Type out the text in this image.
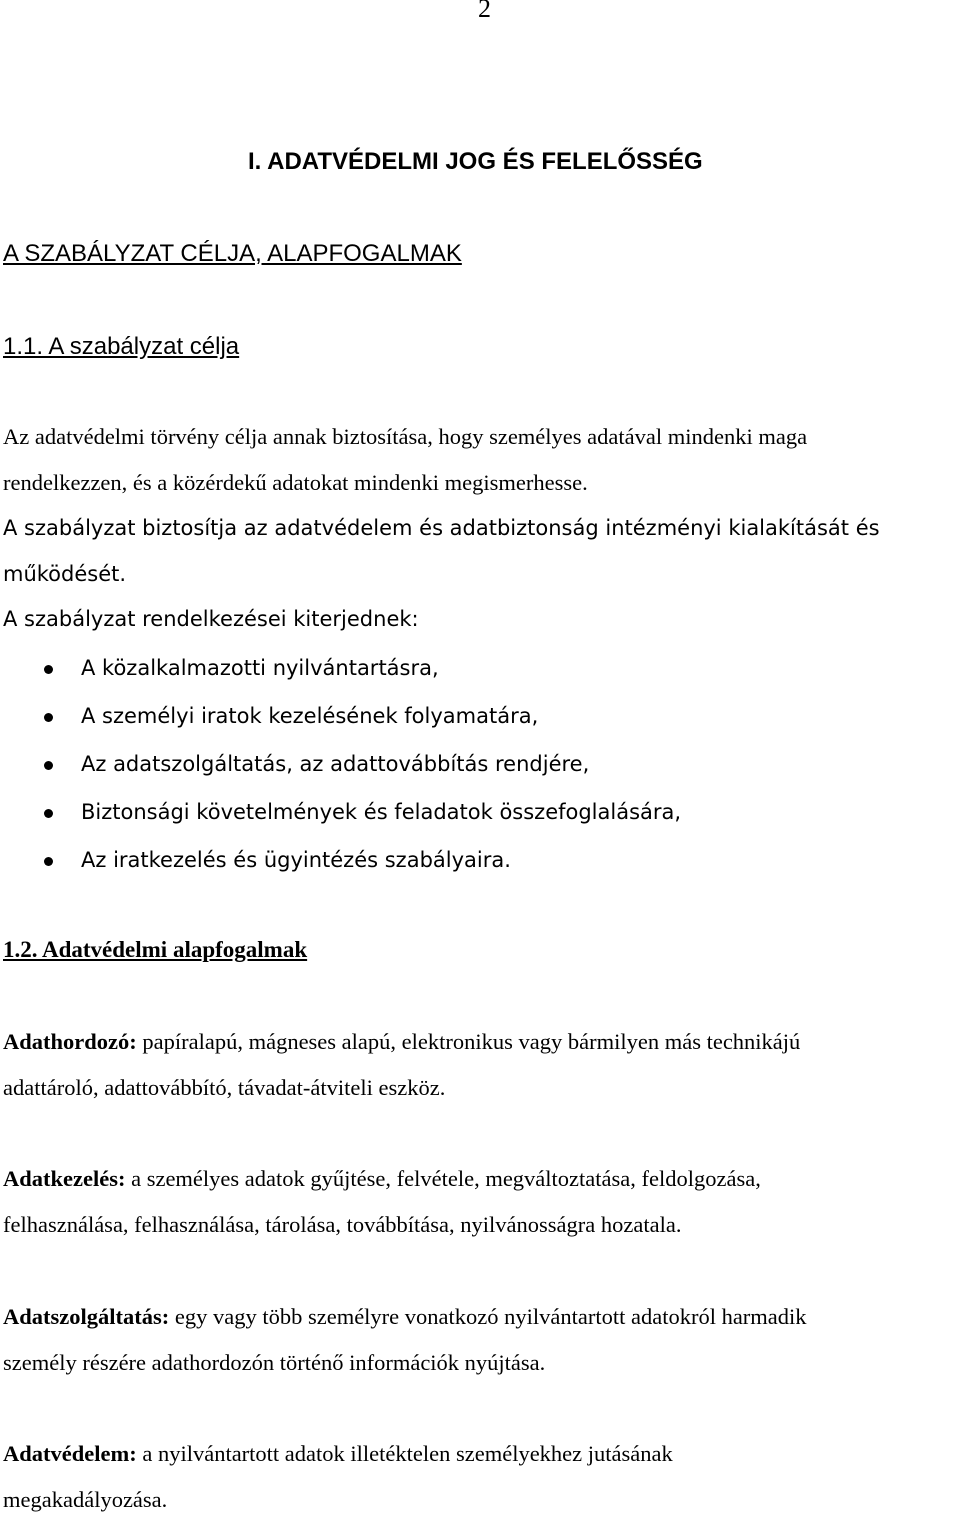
2
I. ADATVÉDELMI JOG ÉS FELELŐSSÉG
A SZABÁLYZAT CÉLJA, ALAPFOGALMAK
1.1. A szabályzat célja
Az adatvédelmi törvény célja annak biztosítása, hogy személyes adatával mindenki maga
rendelkezzen, és a közérdekű adatokat mindenki megismerhesse.
A szabályzat biztosítja az adatvédelem és adatbiztonság intézményi kialakítását és
működését.
A szabályzat rendelkezései kiterjednek:
A közalkalmazotti nyilvántartásra,
A személyi iratok kezelésének folyamatára,
Az adatszolgáltatás, az adattovábbítás rendjére,
Biztonsági követelmények és feladatok összefoglalására,
Az iratkezelés és ügyintézés szabályaira.
1.2. Adatvédelmi alapfogalmak
Adathordozó: papíralapú, mágneses alapú, elektronikus vagy bármilyen más technikájú
adattároló, adattovábbító, távadat-átviteli eszköz.
Adatkezelés: a személyes adatok gyűjtése, felvétele, megváltoztatása, feldolgozása,
felhasználása, felhasználása, tárolása, továbbítása, nyilvánosságra hozatala.
Adatszolgáltatás: egy vagy több személyre vonatkozó nyilvántartott adatokról harmadik
személy részére adathordozón történő információk nyújtása.
Adatvédelem: a nyilvántartott adatok illetéktelen személyekhez jutásának
megakadályozása.
